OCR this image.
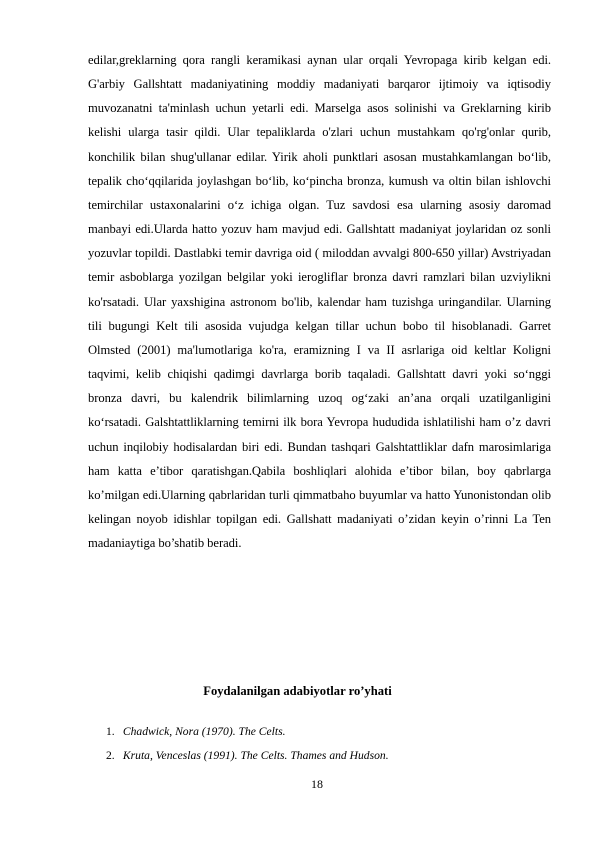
edilar,greklarning qora rangli keramikasi aynan ular orqali Yevropaga kirib kelgan edi. G'arbiy Gallshtatt madaniyatining moddiy madaniyati barqaror ijtimoiy va iqtisodiy muvozanatni ta'minlash uchun yetarli edi. Marselga asos solinishi va Greklarning kirib kelishi ularga tasir qildi. Ular tepaliklarda o'zlari uchun mustahkam qo'rg'onlar qurib, konchilik bilan shug'ullanar edilar. Yirik aholi punktlari asosan mustahkamlangan bo‘lib, tepalik cho‘qqilarida joylashgan bo‘lib, ko‘pincha bronza, kumush va oltin bilan ishlovchi temirchilar ustaxonalarini o‘z ichiga olgan. Tuz savdosi esa ularning asosiy daromad manbayi edi.Ularda hatto yozuv ham mavjud edi. Gallshtatt madaniyat joylaridan oz sonli yozuvlar topildi. Dastlabki temir davriga oid ( miloddan avvalgi 800-650 yillar) Avstriyadan temir asboblarga yozilgan belgilar yoki ierogliflar bronza davri ramzlari bilan uzviylikni ko'rsatadi. Ular yaxshigina astronom bo'lib, kalendar ham tuzishga uringandilar. Ularning tili bugungi Kelt tili asosida vujudga kelgan tillar uchun bobo til hisoblanadi. Garret Olmsted (2001) ma'lumotlariga ko'ra, eramizning I va II asrlariga oid keltlar Koligni taqvimi, kelib chiqishi qadimgi davrlarga borib taqaladi. Gallshtatt davri yoki so‘nggi bronza davri, bu kalendrik bilimlarning uzoq og‘zaki an’ana orqali uzatilganligini ko‘rsatadi. Galshtattliklarning temirni ilk bora Yevropa hududida ishlatilishi ham o’z davri uchun inqilobiy hodisalardan biri edi. Bundan tashqari Galshtattliklar dafn marosimlariga ham katta e’tibor qaratishgan.Qabila boshliqlari alohida e’tibor bilan, boy qabrlarga ko’milgan edi.Ularning qabrlaridan turli qimmatbaho buyumlar va hatto Yunonistondan olib kelingan noyob idishlar topilgan edi. Gallshatt madaniyati o’zidan keyin o’rinni La Ten madaniaytiga bo’shatib beradi.

Foydalanilgan adabiyotlar ro’yhati
1. Chadwick, Nora (1970). The Celts.
2. Kruta, Venceslas (1991). The Celts. Thames and Hudson.
18
